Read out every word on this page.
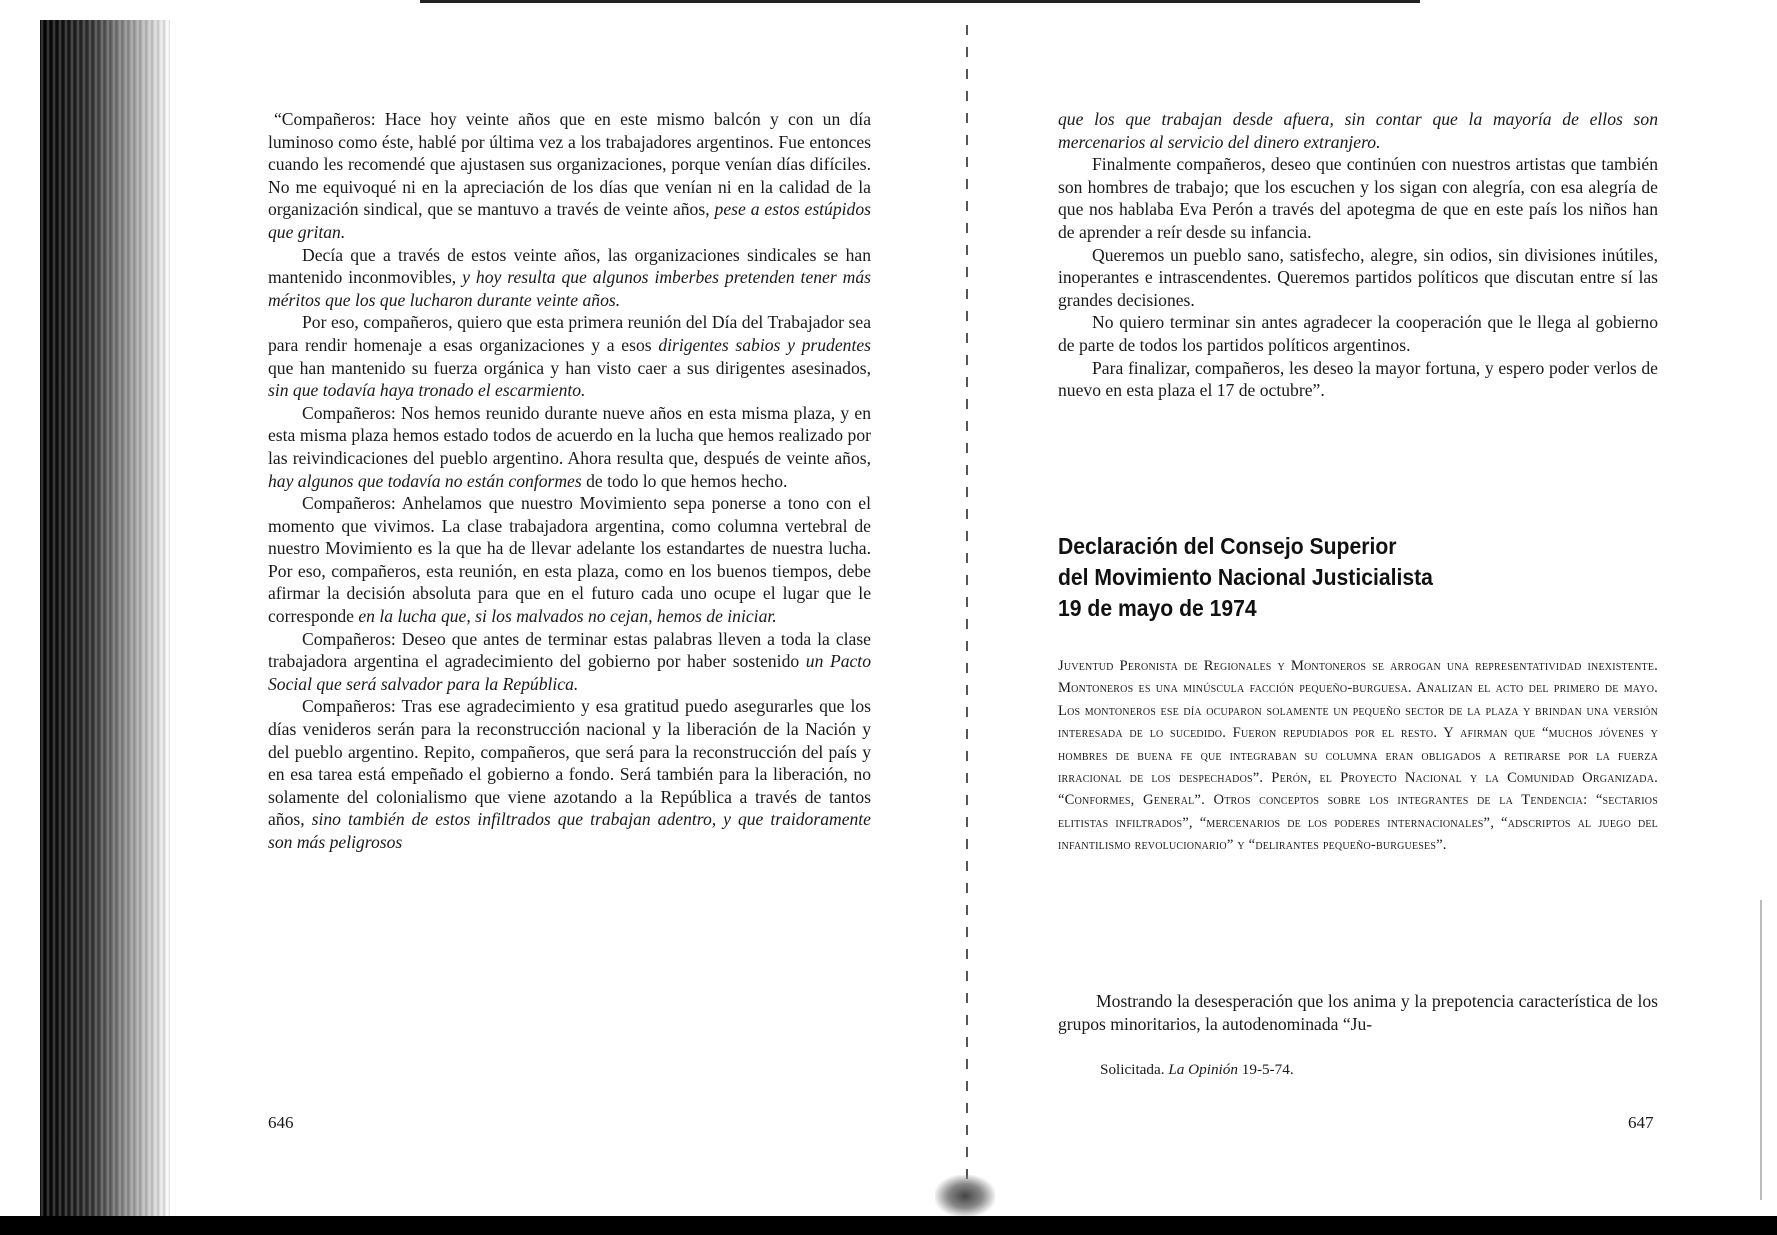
“Compañeros: Hace hoy veinte años que en este mismo balcón y con un día luminoso como éste, hablé por última vez a los trabajadores argentinos. Fue entonces cuando les recomendé que ajustasen sus organizaciones, porque venían días difíciles. No me equivoqué ni en la apreciación de los días que venían ni en la calidad de la organización sindical, que se mantuvo a través de veinte años, pese a estos estúpidos que gritan.

Decía que a través de estos veinte años, las organizaciones sindicales se han mantenido inconmovibles, y hoy resulta que algunos imberbes pretenden tener más méritos que los que lucharon durante veinte años.

Por eso, compañeros, quiero que esta primera reunión del Día del Trabajador sea para rendir homenaje a esas organizaciones y a esos dirigentes sabios y prudentes que han mantenido su fuerza orgánica y han visto caer a sus dirigentes asesinados, sin que todavía haya tronado el escarmiento.

Compañeros: Nos hemos reunido durante nueve años en esta misma plaza, y en esta misma plaza hemos estado todos de acuerdo en la lucha que hemos realizado por las reivindicaciones del pueblo argentino. Ahora resulta que, después de veinte años, hay algunos que todavía no están conformes de todo lo que hemos hecho.

Compañeros: Anhelamos que nuestro Movimiento sepa ponerse a tono con el momento que vivimos. La clase trabajadora argentina, como columna vertebral de nuestro Movimiento es la que ha de llevar adelante los estandartes de nuestra lucha. Por eso, compañeros, esta reunión, en esta plaza, como en los buenos tiempos, debe afirmar la decisión absoluta para que en el futuro cada uno ocupe el lugar que le corresponde en la lucha que, si los malvados no cejan, hemos de iniciar.

Compañeros: Deseo que antes de terminar estas palabras lleven a toda la clase trabajadora argentina el agradecimiento del gobierno por haber sostenido un Pacto Social que será salvador para la República.

Compañeros: Tras ese agradecimiento y esa gratitud puedo asegurarles que los días venideros serán para la reconstrucción nacional y la liberación de la Nación y del pueblo argentino. Repito, compañeros, que será para la reconstrucción del país y en esa tarea está empeñado el gobierno a fondo. Será también para la liberación, no solamente del colonialismo que viene azotando a la República a través de tantos años, sino también de estos infiltrados que trabajan adentro, y que traidoramente son más peligrosos

646

que los que trabajan desde afuera, sin contar que la mayoría de ellos son mercenarios al servicio del dinero extranjero.

Finalmente compañeros, deseo que continúen con nuestros artistas que también son hombres de trabajo; que los escuchen y los sigan con alegría, con esa alegría de que nos hablaba Eva Perón a través del apotegma de que en este país los niños han de aprender a reír desde su infancia.

Queremos un pueblo sano, satisfecho, alegre, sin odios, sin divisiones inútiles, inoperantes e intrascendentes. Queremos partidos políticos que discutan entre sí las grandes decisiones.

No quiero terminar sin antes agradecer la cooperación que le llega al gobierno de parte de todos los partidos políticos argentinos.

Para finalizar, compañeros, les deseo la mayor fortuna, y espero poder verlos de nuevo en esta plaza el 17 de octubre”.

Declaración del Consejo Superior
del Movimiento Nacional Justicialista
19 de mayo de 1974

Juventud Peronista de Regionales y Montoneros se arrogan una representatividad inexistente. Montoneros es una minúscula facción pequeño-burguesa. Analizan el acto del primero de mayo. Los montoneros ese día ocuparon solamente un pequeño sector de la plaza y brindan una versión interesada de lo sucedido. Fueron repudiados por el resto. Y afirman que “muchos jóvenes y hombres de buena fe que integraban su columna eran obligados a retirarse por la fuerza irracional de los despechados”. Perón, el Proyecto Nacional y la Comunidad Organizada. “Conformes, General”. Otros conceptos sobre los integrantes de la Tendencia: “sectarios elitistas infiltrados”, “mercenarios de los poderes internacionales”, “adscriptos al juego del infantilismo revolucionario” y “delirantes pequeño-burgueses”.

Mostrando la desesperación que los anima y la prepotencia característica de los grupos minoritarios, la autodenominada “Ju-

Solicitada. La Opinión 19-5-74.
647
